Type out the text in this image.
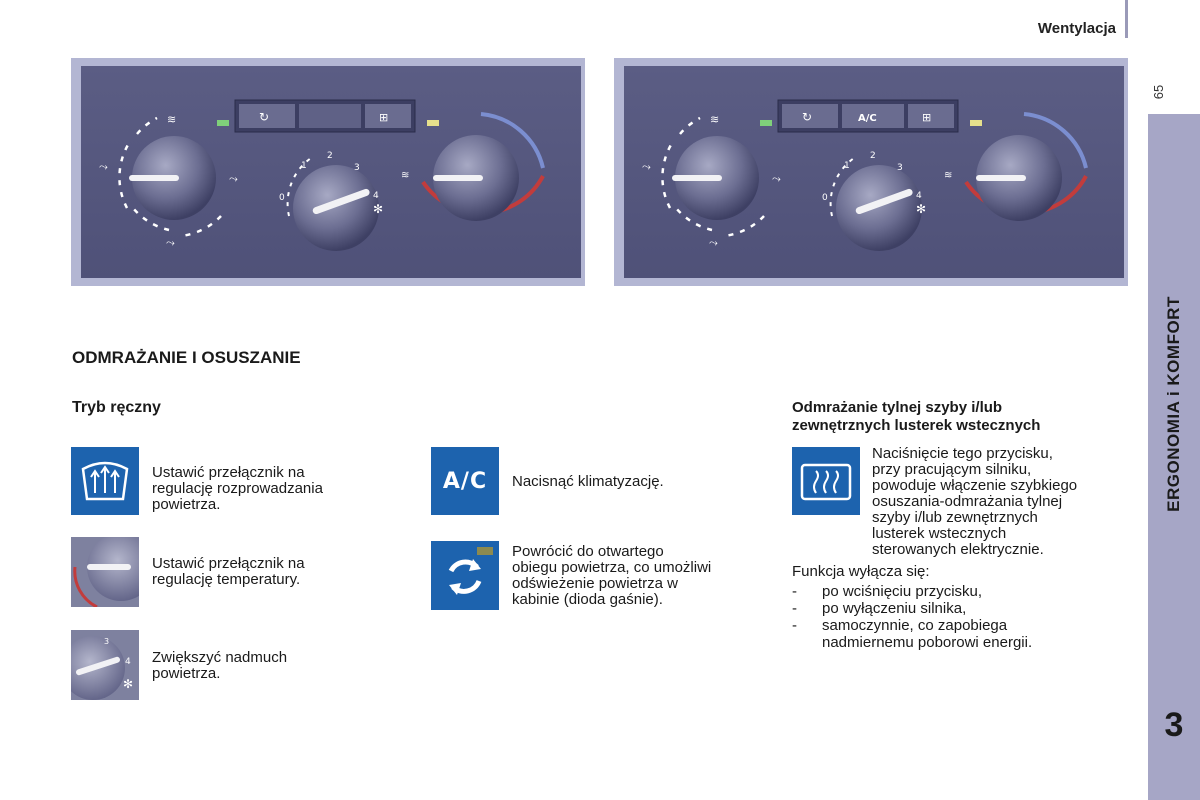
Wentylacja
65
ERGONOMIA i KOMFORT
3
≋
⤳
⤳
⤳
0
1
2
3
4
✻
≋
↻	⊞	≋
⤳
⤳
⤳
0
1
2
3
4
✻
≋
↻	A/C	⊞
ODMRAŻANIE I OSUSZANIE
Tryb ręczny
Ustawić przełącznik na
regulację rozprowadzania
powietrza.
Ustawić przełącznik na
regulację temperatury.
3
4
✻
Zwiększyć nadmuch
powietrza.
A/C Nacisnąć klimatyzację.
Powrócić do otwartego
obiegu powietrza, co umożliwi
odświeżenie powietrza w
kabinie (dioda gaśnie).
Odmrażanie tylnej szyby i/lub
zewnętrznych lusterek wstecznych
Naciśnięcie tego przycisku,
przy pracującym silniku,
powoduje włączenie szybkiego
osuszania-odmrażania tylnej
szyby i/lub zewnętrznych
lusterek wstecznych
sterowanych elektrycznie.
Funkcja wyłącza się:
- po wciśnięciu przycisku,
- po wyłączeniu silnika,
- samoczynnie, co zapobiega nadmiernemu poborowi energii.
